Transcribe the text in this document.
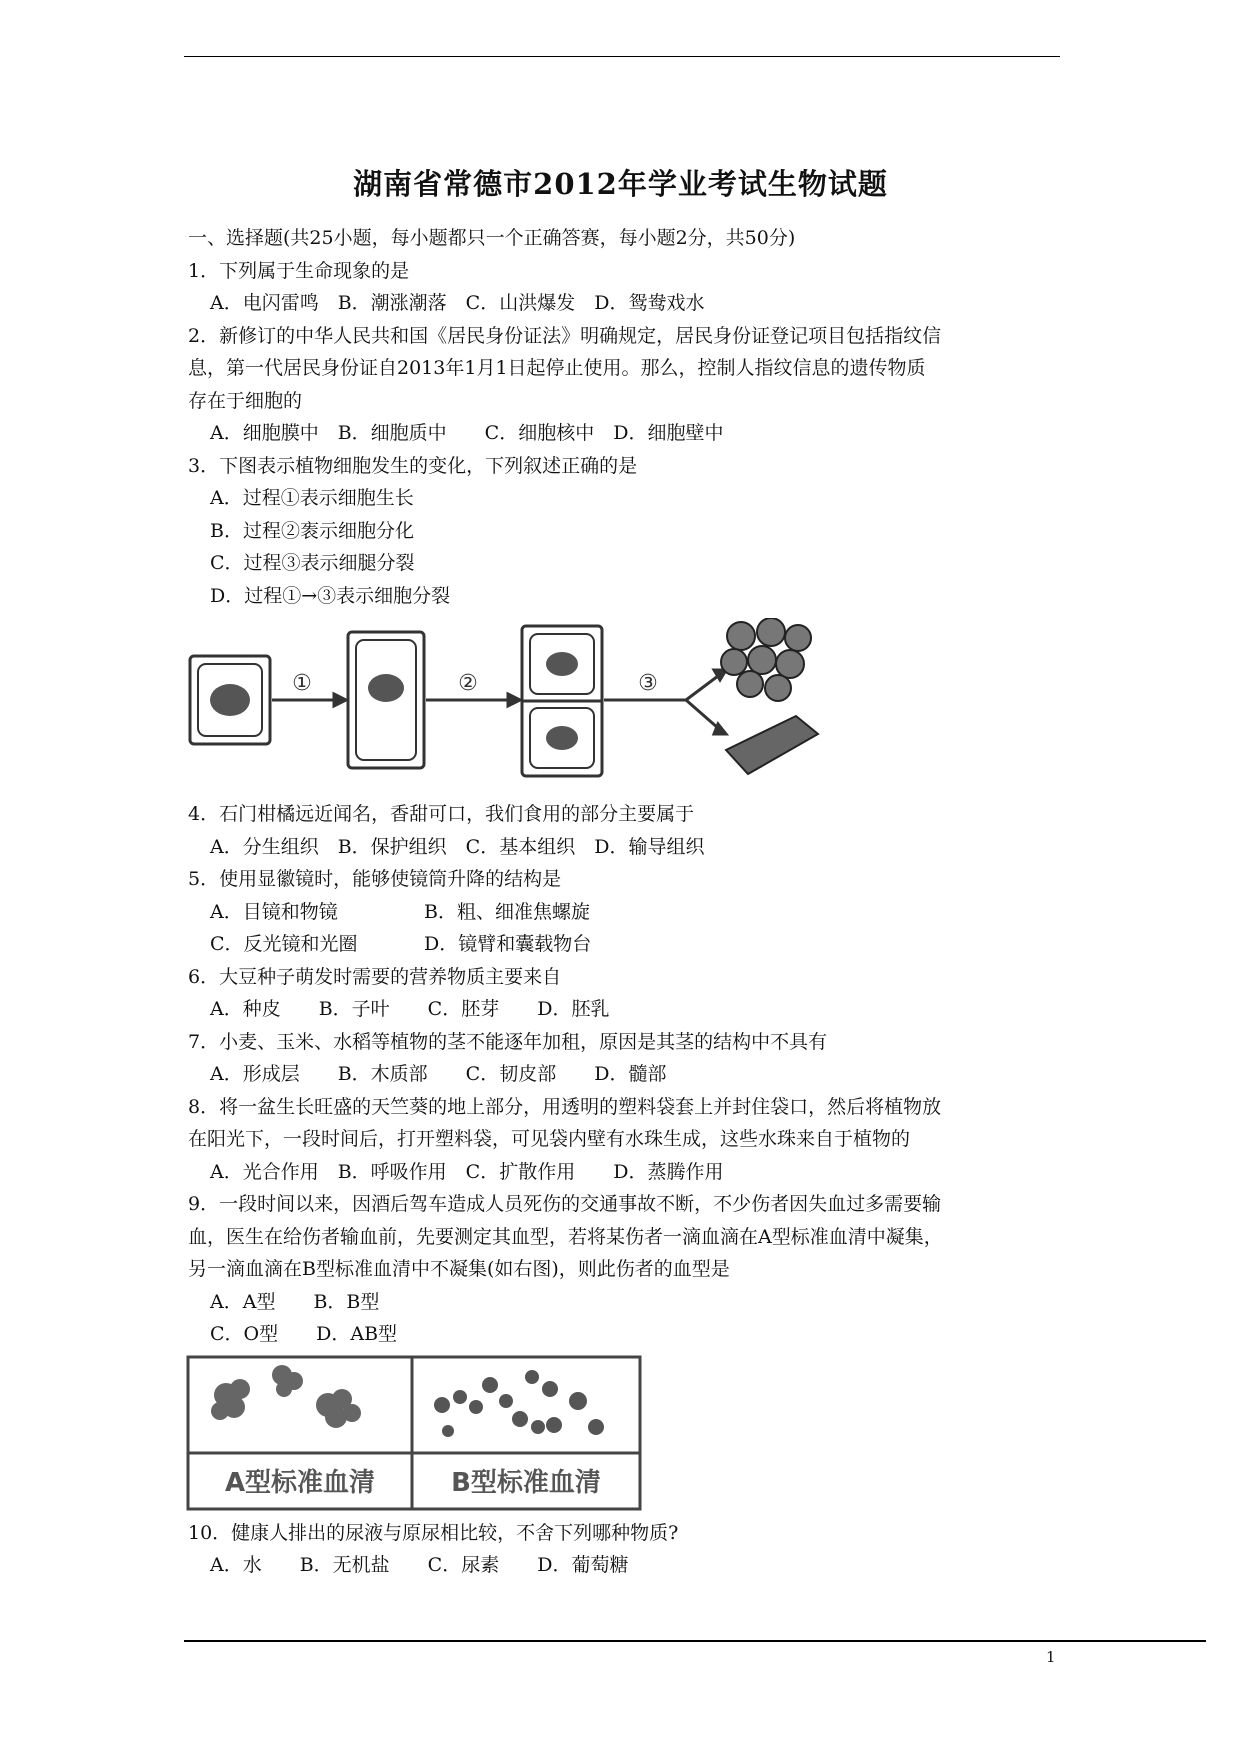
湖南省常德市2012年学业考试生物试题
一、选择题(共25小题，每小题都只一个正确答赛，每小题2分，共50分)
1．下列属于生命现象的是
A．电闪雷鸣　B．潮涨潮落　C．山洪爆发　D．鸳鸯戏水
2．新修订的中华人民共和国《居民身份证法》明确规定，居民身份证登记项目包括指纹信
息，第一代居民身份证自2013年1月1日起停止使用。那么，控制人指纹信息的遗传物质
存在于细胞的
A．细胞膜中　B．细胞质中　　C．细胞核中　D．细胞壁中
3．下图表示植物细胞发生的变化，下列叙述正确的是
A．过程①表示细胞生长
B．过程②袠示细胞分化
C．过程③表示细腿分裂
D．过程①→③表示细胞分裂
①	②	③
4．石门柑橘远近闻名，香甜可口，我们食用的部分主要属于
A．分生组织　B．保护组织　C．基本组织　D．输导组织
5．使用显徽镜时，能够使镜筒升降的结构是
A．目镜和物镜	B．粗、细准焦螺旋
C．反光镜和光圈	D．镜臂和囊载物台
6．大豆种子萌发时需要的营养物质主要来自
A．种皮　　B．子叶　　C．胚芽　　D．胚乳
7．小麦、玉米、水稻等植物的茎不能逐年加租，原因是其茎的结构中不具有
A．形成层　　B．木质部　　C．韧皮部　　D．髓部
8．将一盆生长旺盛的天竺葵的地上部分，用透明的塑料袋套上并封住袋口，然后将植物放
在阳光下，一段时间后，打开塑料袋，可见袋内壁有水珠生成，这些水珠来自于植物的
A．光合作用　B．呼吸作用　C．扩散作用　　D．蒸腾作用
9．一段时间以来，因酒后驾车造成人员死伤的交通事故不断，不少伤者因失血过多需要输
血，医生在给伤者输血前，先要测定其血型，若将某伤者一滴血滴在A型标准血清中凝集，
另一滴血滴在B型标准血清中不凝集(如右图)，则此伤者的血型是
A．A型　　B．B型
C．O型　　D．AB型
A型标准血清	B型标准血清
10．健康人排出的尿液与原尿相比较，不舍下列哪种物质?
A．水　　B．无机盐　　C．尿素　　D．葡萄糖
1
